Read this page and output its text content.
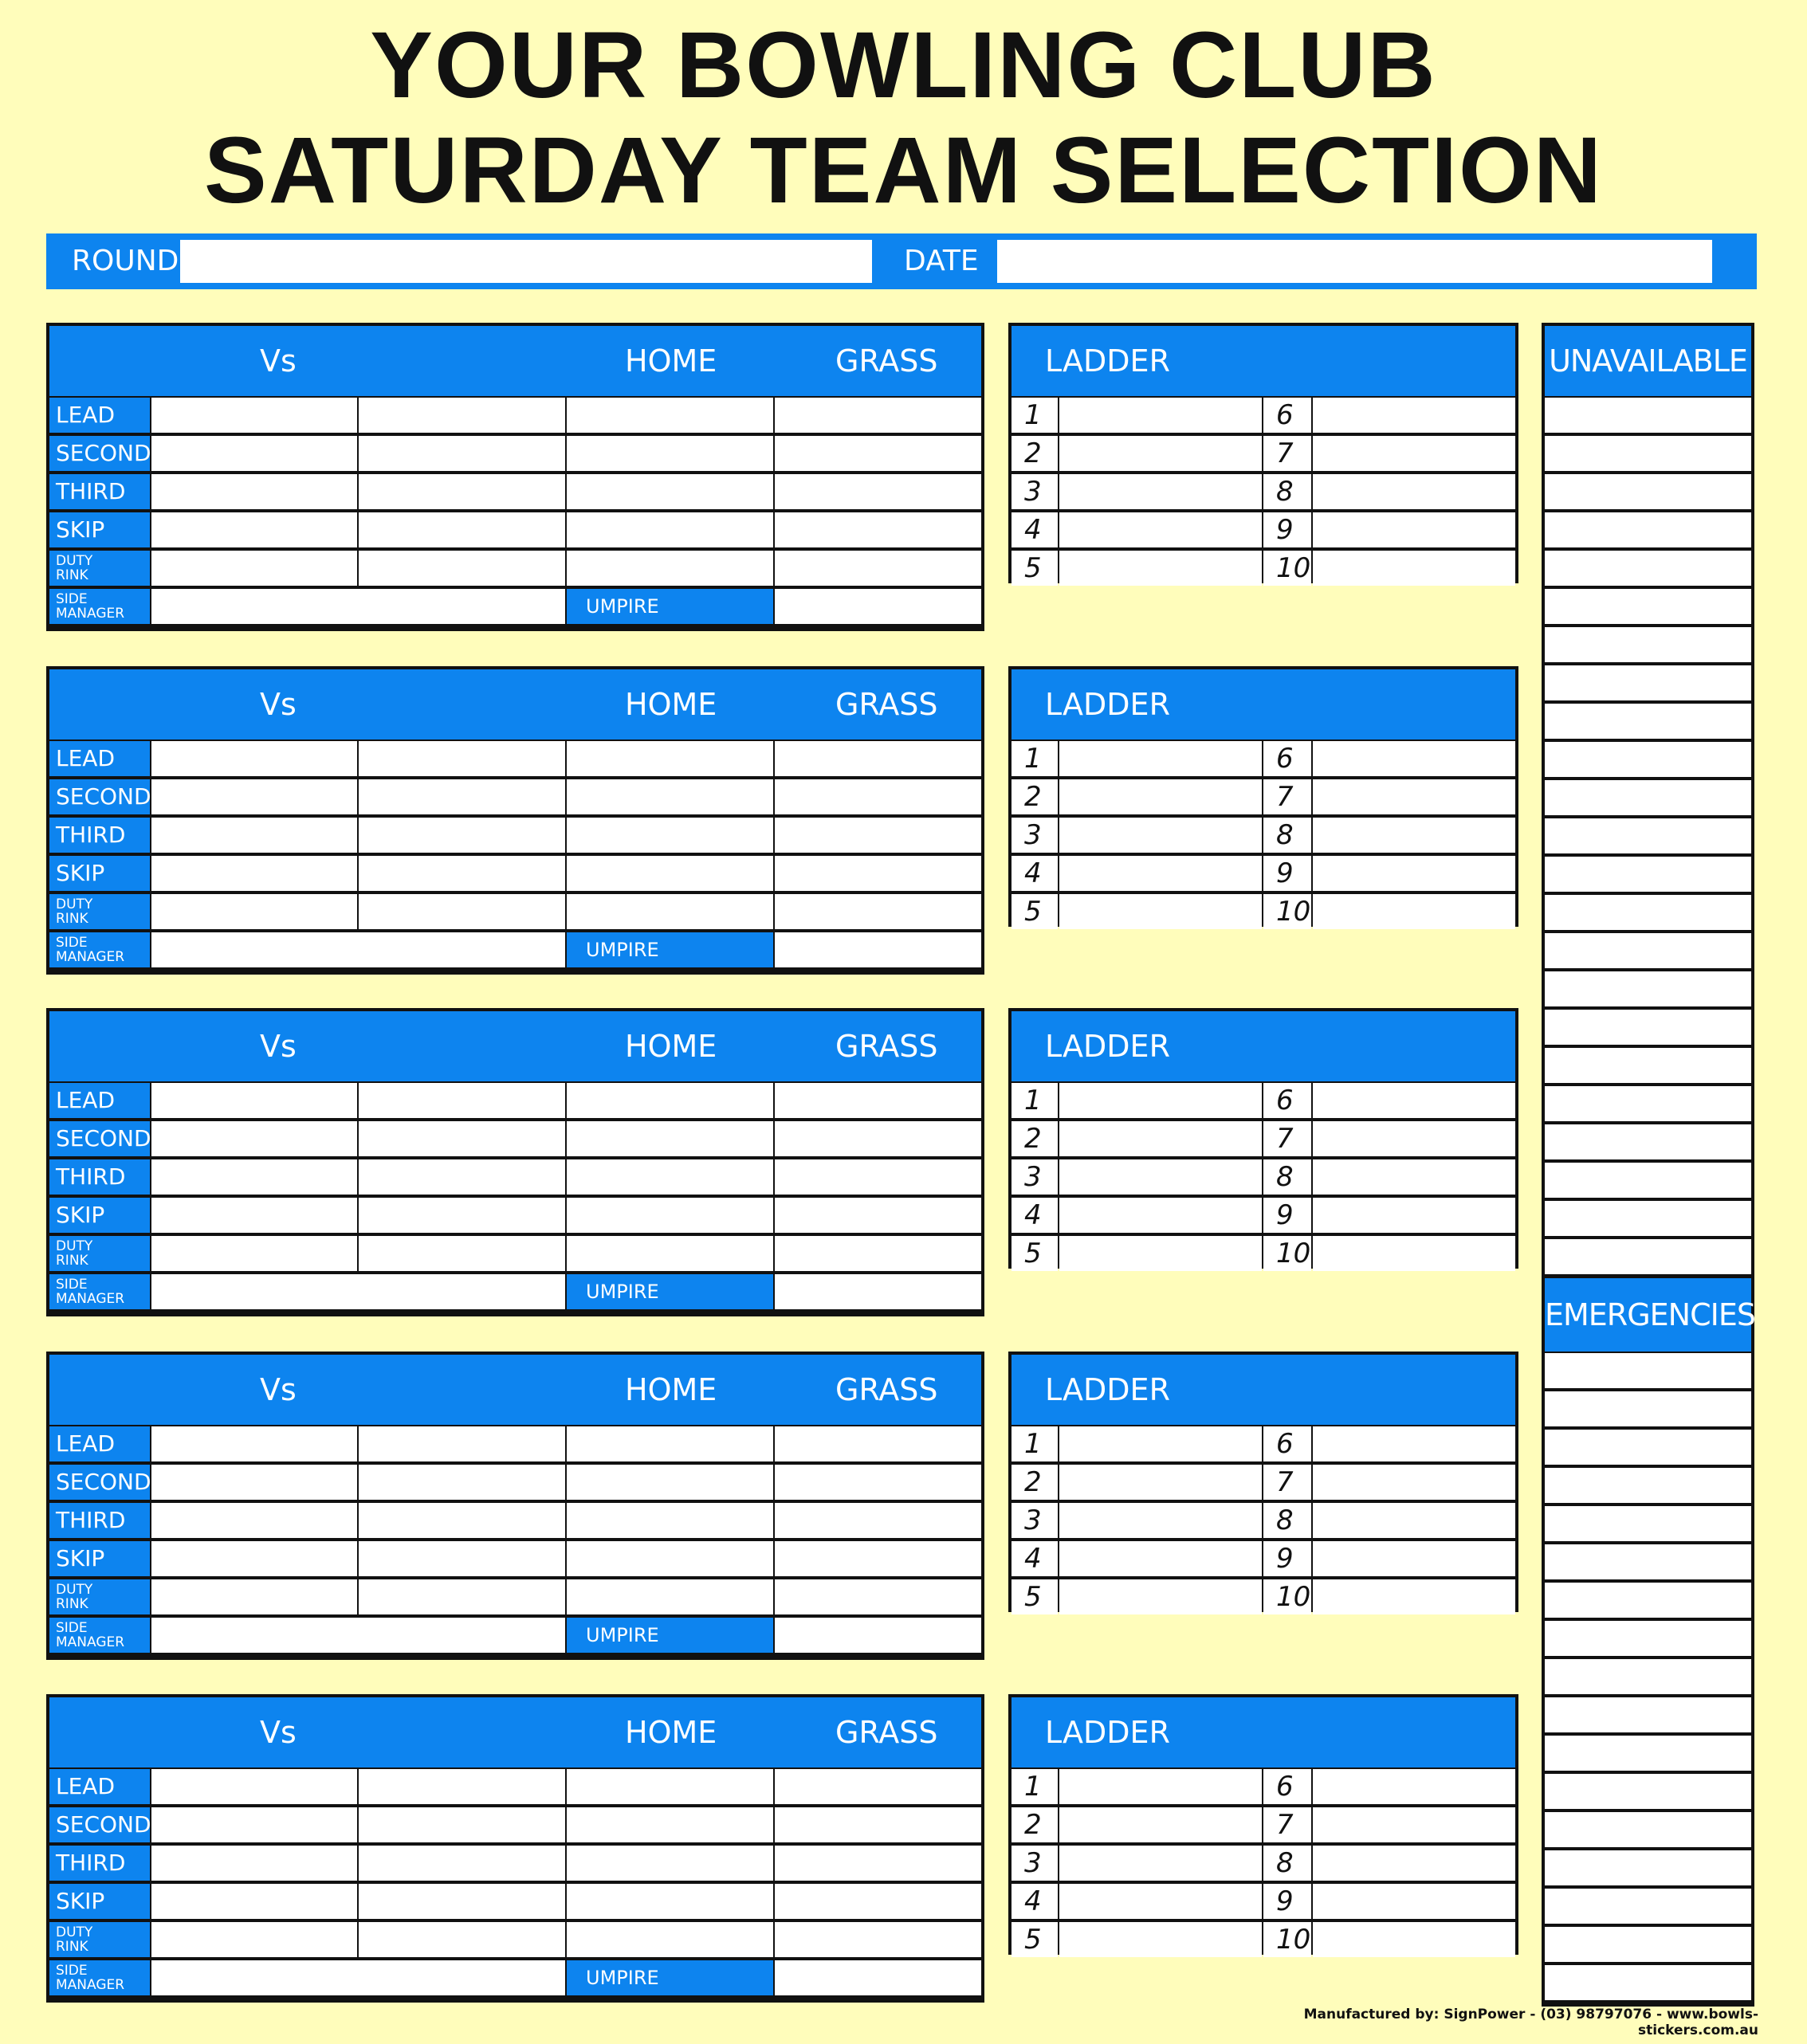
YOUR BOWLING CLUB
SATURDAY TEAM SELECTION
ROUND	DATE
Vs	HOME	GRASS
LEAD
SECOND
THIRD
SKIP
DUTY
RINK
SIDE
MANAGER	UMPIRE
Vs	HOME	GRASS
LEAD
SECOND
THIRD
SKIP
DUTY
RINK
SIDE
MANAGER	UMPIRE
Vs	HOME	GRASS
LEAD
SECOND
THIRD
SKIP
DUTY
RINK
SIDE
MANAGER	UMPIRE
Vs	HOME	GRASS
LEAD
SECOND
THIRD
SKIP
DUTY
RINK
SIDE
MANAGER	UMPIRE
Vs	HOME	GRASS
LEAD
SECOND
THIRD
SKIP
DUTY
RINK
SIDE
MANAGER	UMPIRE
LADDER
1	6
2	7
3	8
4	9
5	10
LADDER
1	6
2	7
3	8
4	9
5	10
LADDER
1	6
2	7
3	8
4	9
5	10
LADDER
1	6
2	7
3	8
4	9
5	10
LADDER
1	6
2	7
3	8
4	9
5	10
UNAVAILABLE
EMERGENCIES
Manufactured by: SignPower - (03) 98797076 - www.bowls-stickers.com.au
